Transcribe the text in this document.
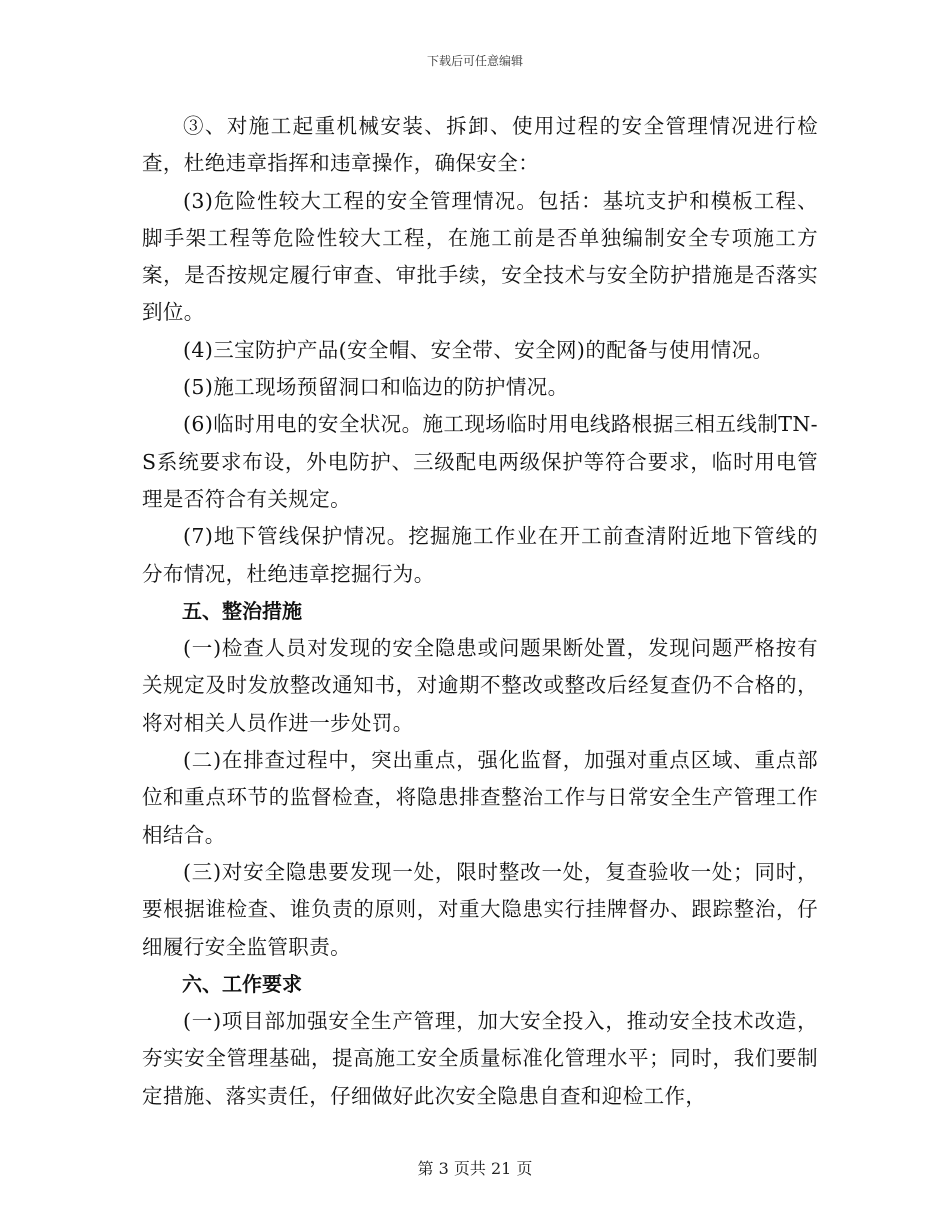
下载后可任意编辑

③、对施工起重机械安装、拆卸、使用过程的安全管理情况进行检查，杜绝违章指挥和违章操作，确保安全：

(3)危险性较大工程的安全管理情况。包括：基坑支护和模板工程、脚手架工程等危险性较大工程，在施工前是否单独编制安全专项施工方案，是否按规定履行审查、审批手续，安全技术与安全防护措施是否落实到位。

(4)三宝防护产品(安全帽、安全带、安全网)的配备与使用情况。

(5)施工现场预留洞口和临边的防护情况。

(6)临时用电的安全状况。施工现场临时用电线路根据三相五线制TN-S系统要求布设，外电防护、三级配电两级保护等符合要求，临时用电管理是否符合有关规定。

(7)地下管线保护情况。挖掘施工作业在开工前查清附近地下管线的分布情况，杜绝违章挖掘行为。

五、整治措施

(一)检查人员对发现的安全隐患或问题果断处置，发现问题严格按有关规定及时发放整改通知书，对逾期不整改或整改后经复查仍不合格的，将对相关人员作进一步处罚。

(二)在排查过程中，突出重点，强化监督，加强对重点区域、重点部位和重点环节的监督检查，将隐患排查整治工作与日常安全生产管理工作相结合。

(三)对安全隐患要发现一处，限时整改一处，复查验收一处；同时，要根据谁检查、谁负责的原则，对重大隐患实行挂牌督办、跟踪整治，仔细履行安全监管职责。

六、工作要求

(一)项目部加强安全生产管理，加大安全投入，推动安全技术改造，夯实安全管理基础，提高施工安全质量标准化管理水平；同时，我们要制定措施、落实责任，仔细做好此次安全隐患自查和迎检工作，

第 3 页共 21 页
